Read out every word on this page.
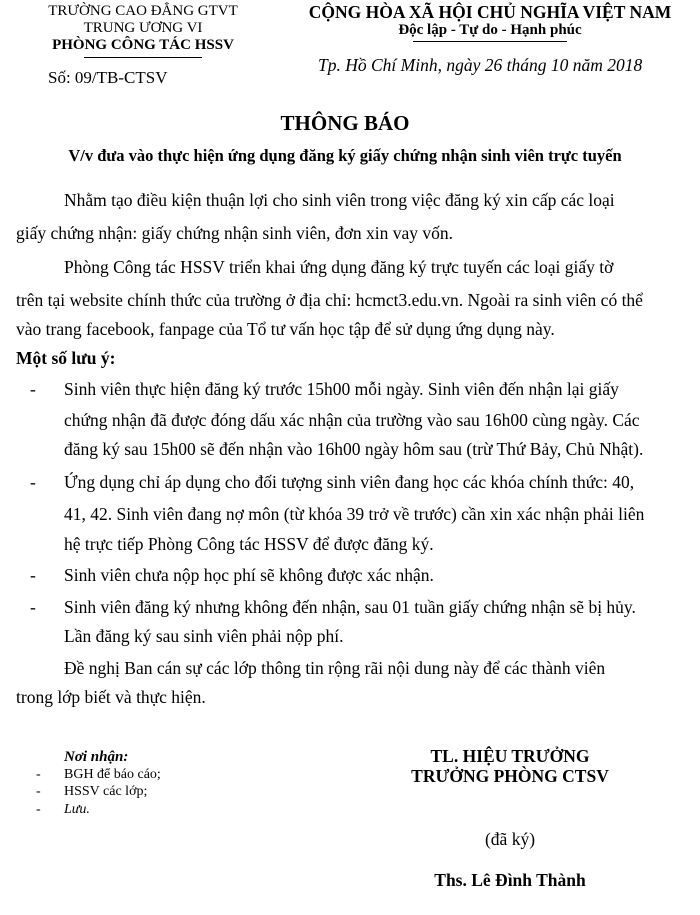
TRƯỜNG CAO ĐẲNG GTVT
TRUNG ƯƠNG VI
PHÒNG CÔNG TÁC HSSV
Số: 09/TB-CTSV
CỘNG HÒA XÃ HỘI CHỦ NGHĨA VIỆT NAM
Độc lập - Tự do - Hạnh phúc
Tp. Hồ Chí Minh, ngày 26 tháng 10 năm 2018
THÔNG BÁO
V/v đưa vào thực hiện ứng dụng đăng ký giấy chứng nhận sinh viên trực tuyến
Nhằm tạo điều kiện thuận lợi cho sinh viên trong việc đăng ký xin cấp các loại
giấy chứng nhận: giấy chứng nhận sinh viên, đơn xin vay vốn.
Phòng Công tác HSSV triển khai ứng dụng đăng ký trực tuyến các loại giấy tờ
trên tại website chính thức của trường ở địa chỉ: hcmct3.edu.vn. Ngoài ra sinh viên có thể
vào trang facebook, fanpage của Tổ tư vấn học tập để sử dụng ứng dụng này.
Một số lưu ý:
- Sinh viên thực hiện đăng ký trước 15h00 mỗi ngày. Sinh viên đến nhận lại giấy
chứng nhận đã được đóng dấu xác nhận của trường vào sau 16h00 cùng ngày. Các
đăng ký sau 15h00 sẽ đến nhận vào 16h00 ngày hôm sau (trừ Thứ Bảy, Chủ Nhật).
- Ứng dụng chỉ áp dụng cho đối tượng sinh viên đang học các khóa chính thức: 40,
41, 42. Sinh viên đang nợ môn (từ khóa 39 trở về trước) cần xin xác nhận phải liên
hệ trực tiếp Phòng Công tác HSSV để được đăng ký.
- Sinh viên chưa nộp học phí sẽ không được xác nhận.
- Sinh viên đăng ký nhưng không đến nhận, sau 01 tuần giấy chứng nhận sẽ bị hủy.
Lần đăng ký sau sinh viên phải nộp phí.
Đề nghị Ban cán sự các lớp thông tin rộng rãi nội dung này để các thành viên
trong lớp biết và thực hiện.
Nơi nhận:
- BGH để báo cáo;
- HSSV các lớp;
- Lưu.
TL. HIỆU TRƯỞNG
TRƯỞNG PHÒNG CTSV
(đã ký)
Ths. Lê Đình Thành
